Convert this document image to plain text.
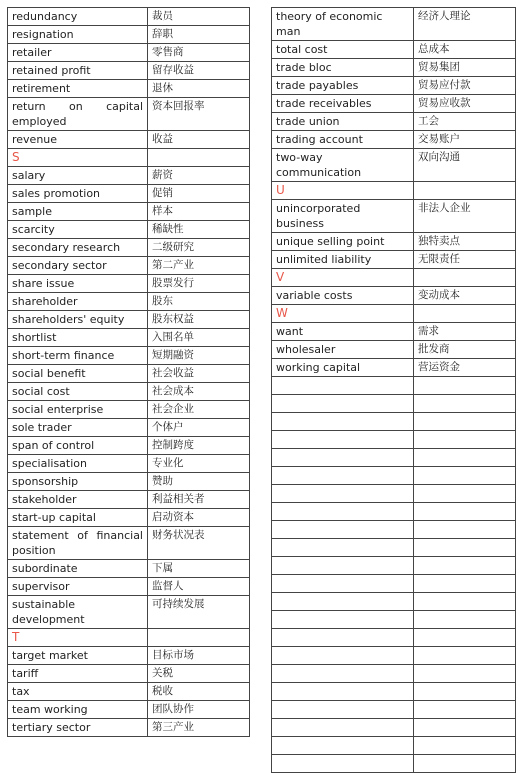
redundancy	裁员
resignation	辞职
retailer	零售商
retained profit	留存收益
retirement	退休
return on capital employed	资本回报率
revenue	收益
S	
salary	薪资
sales promotion	促销
sample	样本
scarcity	稀缺性
secondary research	二级研究
secondary sector	第二产业
share issue	股票发行
shareholder	股东
shareholders' equity	股东权益
shortlist	入围名单
short-term finance	短期融资
social benefit	社会收益
social cost	社会成本
social enterprise	社会企业
sole trader	个体户
span of control	控制跨度
specialisation	专业化
sponsorship	赞助
stakeholder	利益相关者
start-up capital	启动资本
statement of financial position	财务状况表
subordinate	下属
supervisor	监督人
sustainable development	可持续发展
T	
target market	目标市场
tariff	关税
tax	税收
team working	团队协作
tertiary sector	第三产业
theory of economic man	经济人理论
total cost	总成本
trade bloc	贸易集团
trade payables	贸易应付款
trade receivables	贸易应收款
trade union	工会
trading account	交易账户
two-way communication	双向沟通
U	
unincorporated business	非法人企业
unique selling point	独特卖点
unlimited liability	无限责任
V	
variable costs	变动成本
W	
want	需求
wholesaler	批发商
working capital	营运资金
